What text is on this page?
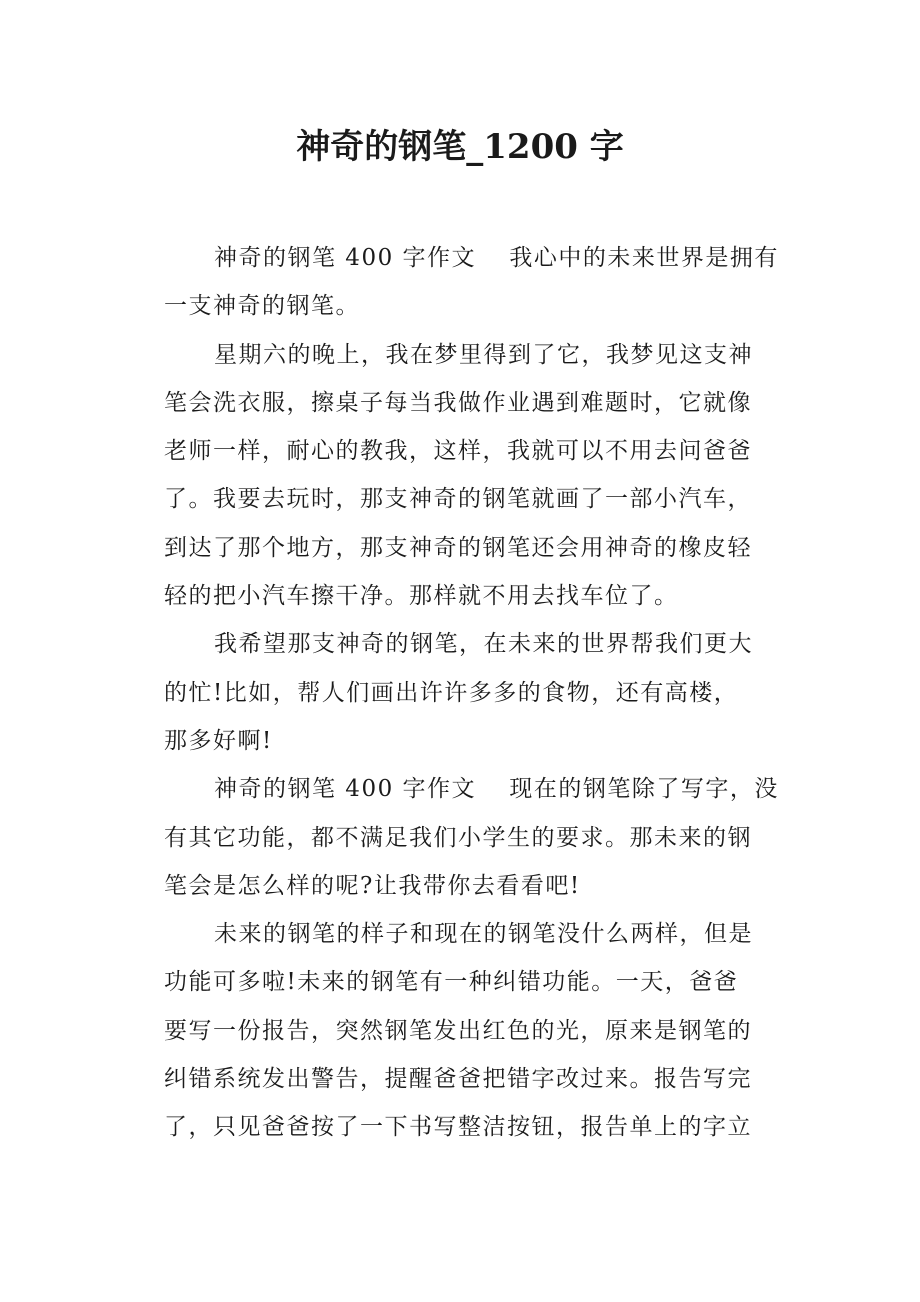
神奇的钢笔_1200 字

神奇的钢笔 400 字作文　 我心中的未来世界是拥有

一支神奇的钢笔。

星期六的晚上，我在梦里得到了它，我梦见这支神

笔会洗衣服，擦桌子每当我做作业遇到难题时，它就像

老师一样，耐心的教我，这样，我就可以不用去问爸爸

了。我要去玩时，那支神奇的钢笔就画了一部小汽车，

到达了那个地方，那支神奇的钢笔还会用神奇的橡皮轻

轻的把小汽车擦干净。那样就不用去找车位了。

我希望那支神奇的钢笔，在未来的世界帮我们更大

的忙!比如，帮人们画出许许多多的食物，还有高楼，

那多好啊!

神奇的钢笔 400 字作文　 现在的钢笔除了写字，没

有其它功能，都不满足我们小学生的要求。那未来的钢

笔会是怎么样的呢?让我带你去看看吧!

未来的钢笔的样子和现在的钢笔没什么两样，但是

功能可多啦!未来的钢笔有一种纠错功能。一天，爸爸

要写一份报告，突然钢笔发出红色的光，原来是钢笔的

纠错系统发出警告，提醒爸爸把错字改过来。报告写完

了，只见爸爸按了一下书写整洁按钮，报告单上的字立
